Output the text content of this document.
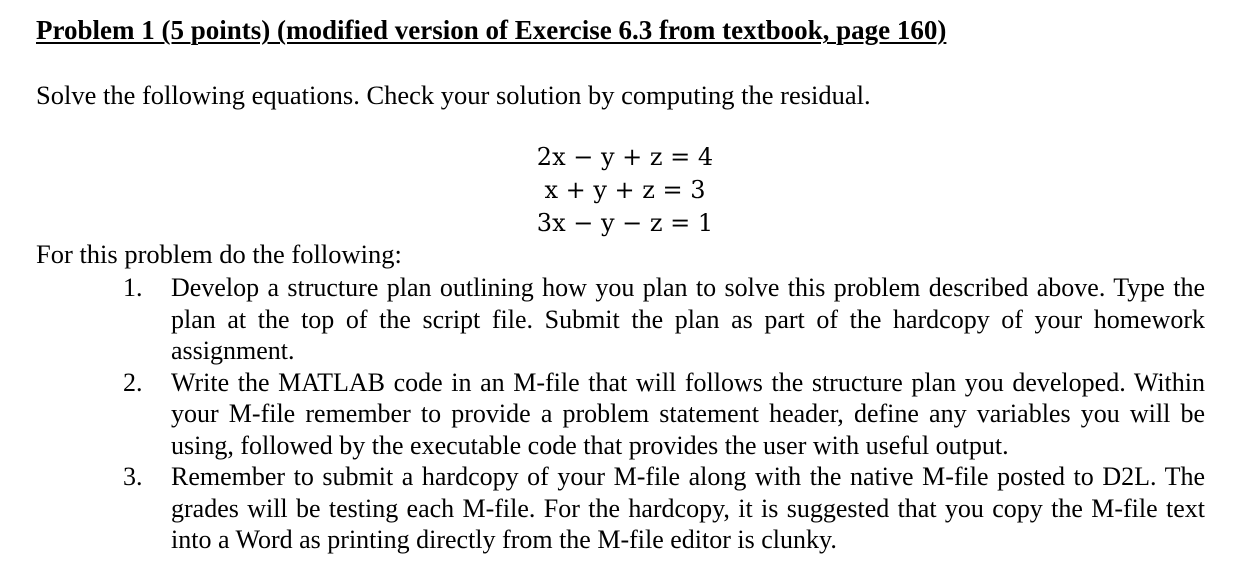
Problem 1 (5 points) (modified version of Exercise 6.3 from textbook, page 160)

Solve the following equations. Check your solution by computing the residual.

2x − y + z = 4
x + y + z = 3
3x − y − z = 1

For this problem do the following:

1. Develop a structure plan outlining how you plan to solve this problem described above. Type the plan at the top of the script file. Submit the plan as part of the hardcopy of your homework assignment.
2. Write the MATLAB code in an M-file that will follows the structure plan you developed. Within your M-file remember to provide a problem statement header, define any variables you will be using, followed by the executable code that provides the user with useful output.
3. Remember to submit a hardcopy of your M-file along with the native M-file posted to D2L. The grades will be testing each M-file. For the hardcopy, it is suggested that you copy the M-file text into a Word as printing directly from the M-file editor is clunky.
